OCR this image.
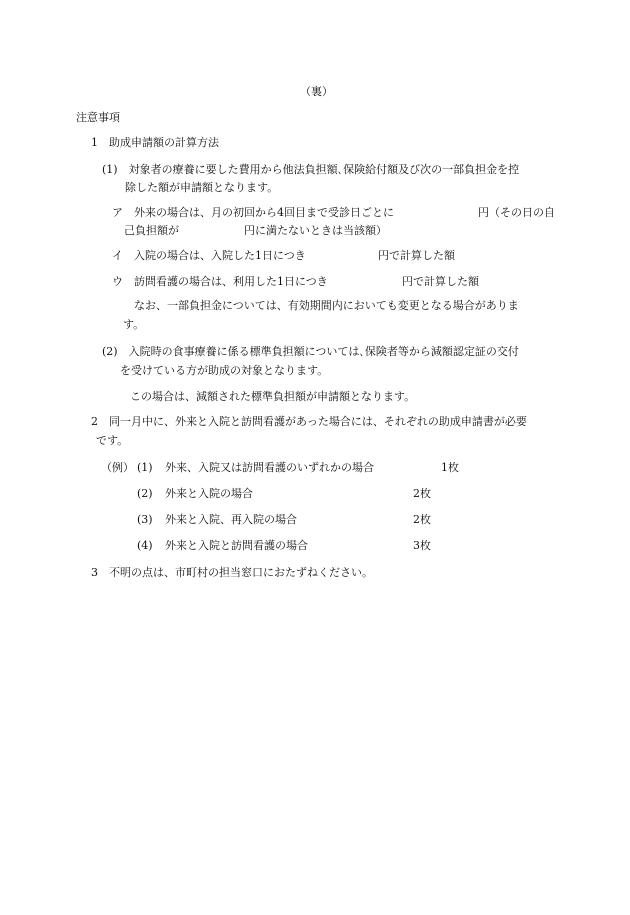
（裏）
注意事項
1　助成申請額の計算方法
(1)　対象者の療養に要した費用から他法負担額､保険給付額及び次の一部負担金を控
除した額が申請額となります。
ア　外来の場合は、月の初回から4回目まで受診日ごとに	円（その日の自
己負担額が	円に満たないときは当該額）
イ　入院の場合は、入院した1日につき	円で計算した額
ウ　訪問看護の場合は、利用した1日につき	円で計算した額
なお、一部負担金については、有効期間内においても変更となる場合がありま
す。
(2)　入院時の食事療養に係る標準負担額については､保険者等から減額認定証の交付
を受けている方が助成の対象となります。
この場合は、減額された標準負担額が申請額となります。
2　同一月中に、外来と入院と訪問看護があった場合には、それぞれの助成申請書が必要
です。
（例） (1) 外来、入院又は訪問看護のいずれかの場合	1枚
(2) 外来と入院の場合	2枚
(3) 外来と入院、再入院の場合	2枚
(4) 外来と入院と訪問看護の場合	3枚
3　不明の点は、市町村の担当窓口におたずねください。
